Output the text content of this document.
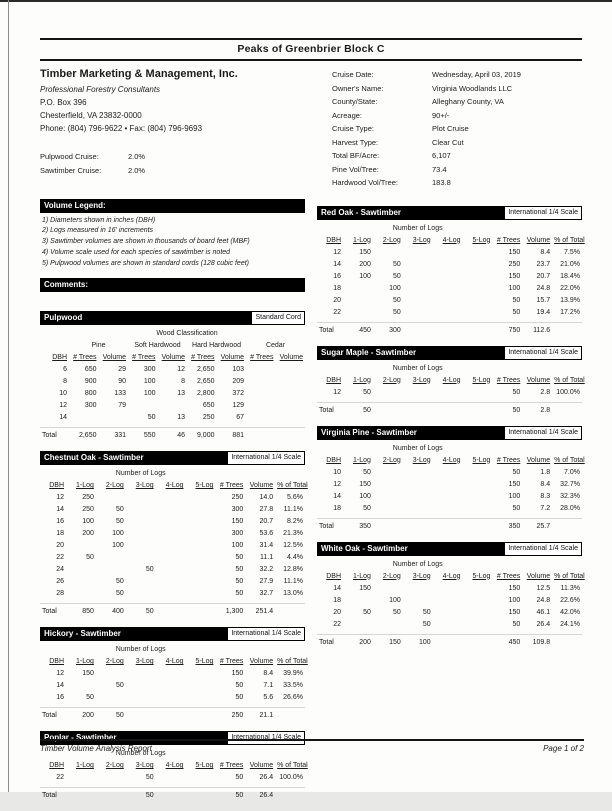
Peaks of Greenbrier Block C
Timber Marketing & Management, Inc.
Professional Forestry Consultants
P.O. Box 396
Chesterfield, VA 23832-0000
Phone: (804) 796-9622 • Fax: (804) 796-9693
Pulpwood Cruise:	2.0%
Sawtimber Cruise:	2.0%
Cruise Date:	Wednesday, April 03, 2019
Owner's Name:	Virginia Woodlands LLC
County/State:	Alleghany County, VA
Acreage:	90+/-
Cruise Type:	Plot Cruise
Harvest Type:	Clear Cut
Total BF/Acre:	6,107
Pine Vol/Tree:	73.4
Hardwood Vol/Tree:	183.8
Volume Legend:
1) Diameters shown in inches (DBH)
2) Logs measured in 16' increments
3) Sawtimber volumes are shown in thousands of board feet (MBF)
4) Volume scale used for each species of sawtimber is noted
5) Pulpwood volumes are shown in standard cords (128 cubic feet)
Comments:
Pulpwood	Standard Cord
	Wood Classification							
	Pine		Soft Hardwood		Hard Hardwood		Cedar	
DBH	# Trees	Volume	# Trees	Volume	# Trees	Volume	# Trees	Volume
6	650	29	300	12	2,650	103		
8	900	90	100	8	2,650	209		
10	800	133	100	13	2,800	372		
12	300	79			650	129		
14			50	13	250	67		
Total	2,650	331	550	46	9,000	881		
Chestnut Oak - Sawtimber	International 1/4 Scale
	Number of Logs							
DBH	1-Log	2-Log	3-Log	4-Log	5-Log	# Trees	Volume	% of Total
12	250					250	14.0	5.6%
14	250	50				300	27.8	11.1%
16	100	50				150	20.7	8.2%
18	200	100				300	53.6	21.3%
20		100				100	31.4	12.5%
22	50					50	11.1	4.4%
24			50			50	32.2	12.8%
26		50				50	27.9	11.1%
28		50				50	32.7	13.0%
Total	850	400	50			1,300	251.4	
Hickory - Sawtimber	International 1/4 Scale
	Number of Logs							
DBH	1-Log	2-Log	3-Log	4-Log	5-Log	# Trees	Volume	% of Total
12	150					150	8.4	39.9%
14		50				50	7.1	33.5%
16	50					50	5.6	26.6%
Total	200	50				250	21.1	
Poplar - Sawtimber	International 1/4 Scale
	Number of Logs							
DBH	1-Log	2-Log	3-Log	4-Log	5-Log	# Trees	Volume	% of Total
22			50			50	26.4	100.0%
Total			50			50	26.4	
Red Oak - Sawtimber	International 1/4 Scale
	Number of Logs							
DBH	1-Log	2-Log	3-Log	4-Log	5-Log	# Trees	Volume	% of Total
12	150					150	8.4	7.5%
14	200	50				250	23.7	21.0%
16	100	50				150	20.7	18.4%
18		100				100	24.8	22.0%
20		50				50	15.7	13.9%
22		50				50	19.4	17.2%
Total	450	300				750	112.6	
Sugar Maple - Sawtimber	International 1/4 Scale
	Number of Logs							
DBH	1-Log	2-Log	3-Log	4-Log	5-Log	# Trees	Volume	% of Total
12	50					50	2.8	100.0%
Total	50					50	2.8	
Virginia Pine - Sawtimber	International 1/4 Scale
	Number of Logs							
DBH	1-Log	2-Log	3-Log	4-Log	5-Log	# Trees	Volume	% of Total
10	50					50	1.8	7.0%
12	150					150	8.4	32.7%
14	100					100	8.3	32.3%
18	50					50	7.2	28.0%
Total	350					350	25.7	
White Oak - Sawtimber	International 1/4 Scale
	Number of Logs							
DBH	1-Log	2-Log	3-Log	4-Log	5-Log	# Trees	Volume	% of Total
14	150					150	12.5	11.3%
18		100				100	24.8	22.6%
20	50	50	50			150	46.1	42.0%
22			50			50	26.4	24.1%
Total	200	150	100			450	109.8	
Timber Volume Analysis Report	Page 1 of 2
